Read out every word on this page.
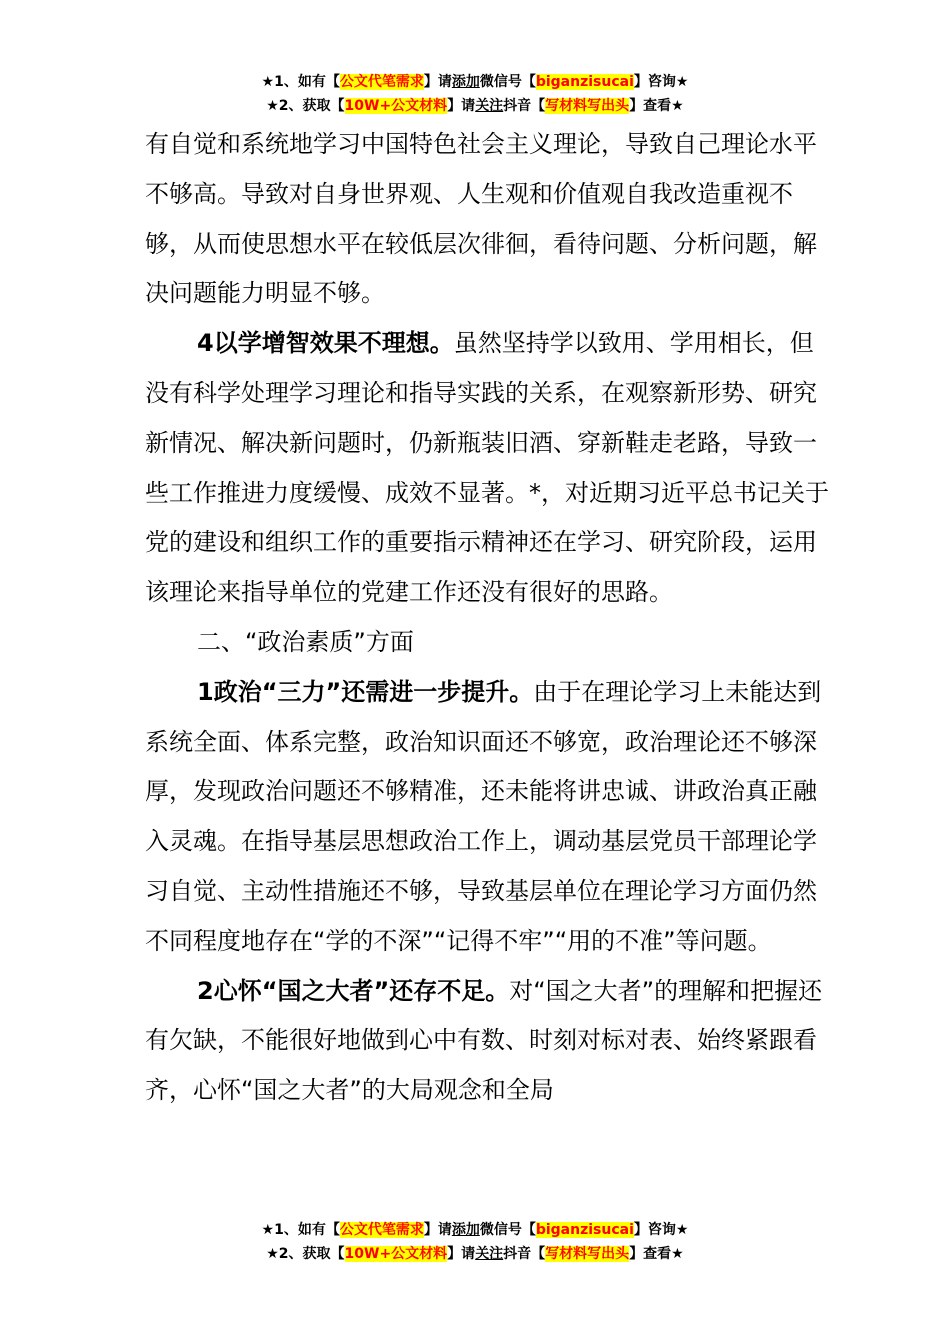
★1、如有【公文代笔需求】请添加微信号【biganzisucai】咨询★
★2、获取【10W+公文材料】请关注抖音【写材料写出头】查看★

有自觉和系统地学习中国特色社会主义理论，导致自己理论水平不够高。导致对自身世界观、人生观和价值观自我改造重视不够，从而使思想水平在较低层次徘徊，看待问题、分析问题，解决问题能力明显不够。

4以学增智效果不理想。虽然坚持学以致用、学用相长，但没有科学处理学习理论和指导实践的关系，在观察新形势、研究新情况、解决新问题时，仍新瓶装旧酒、穿新鞋走老路，导致一些工作推进力度缓慢、成效不显著。*，对近期习近平总书记关于党的建设和组织工作的重要指示精神还在学习、研究阶段，运用该理论来指导单位的党建工作还没有很好的思路。

二、“政治素质”方面

1政治“三力”还需进一步提升。由于在理论学习上未能达到系统全面、体系完整，政治知识面还不够宽，政治理论还不够深厚，发现政治问题还不够精准，还未能将讲忠诚、讲政治真正融入灵魂。在指导基层思想政治工作上，调动基层党员干部理论学习自觉、主动性措施还不够，导致基层单位在理论学习方面仍然不同程度地存在“学的不深”“记得不牢”“用的不准”等问题。

2心怀“国之大者”还存不足。对“国之大者”的理解和把握还有欠缺，不能很好地做到心中有数、时刻对标对表、始终紧跟看齐，心怀“国之大者”的大局观念和全局

★1、如有【公文代笔需求】请添加微信号【biganzisucai】咨询★
★2、获取【10W+公文材料】请关注抖音【写材料写出头】查看★
